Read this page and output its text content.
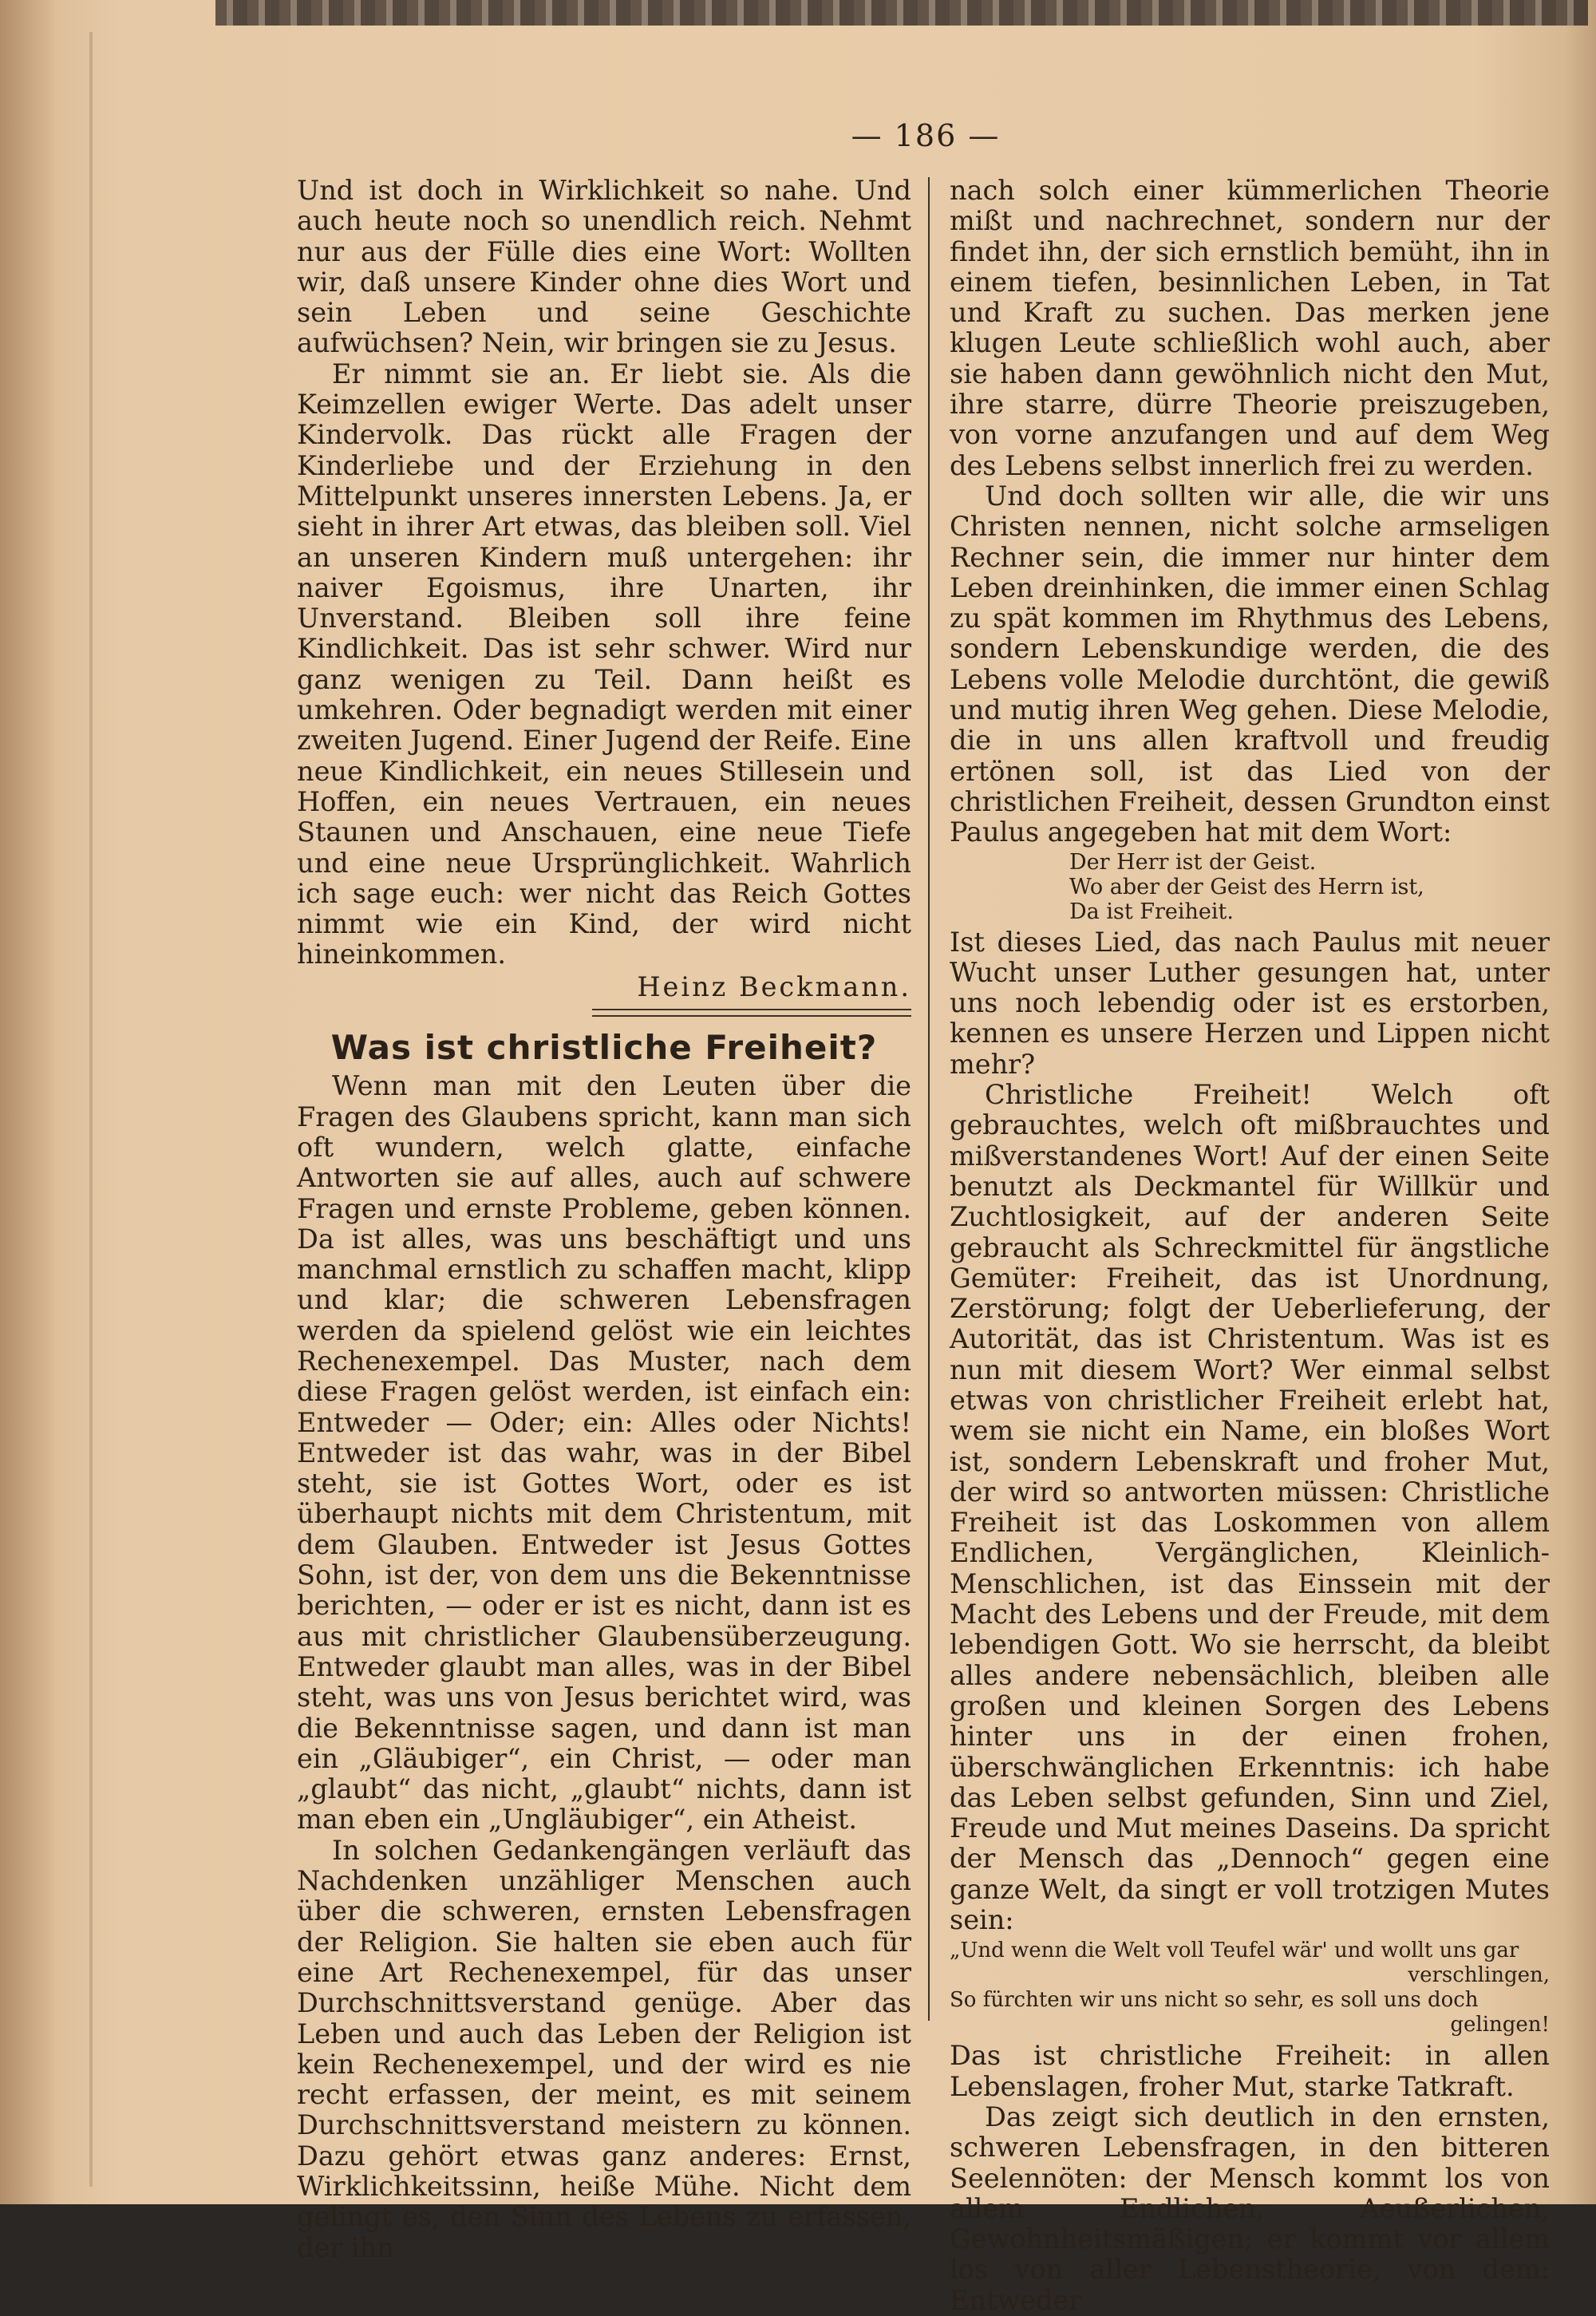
— 186 —

Und ist doch in Wirklichkeit so nahe. Und auch heute noch so unendlich reich. Nehmt nur aus der Fülle dies eine Wort: Wollten wir, daß unsere Kinder ohne dies Wort und sein Leben und seine Geschichte aufwüchsen? Nein, wir bringen sie zu Jesus.

Er nimmt sie an. Er liebt sie. Als die Keimzellen ewiger Werte. Das adelt unser Kindervolk. Das rückt alle Fragen der Kinderliebe und der Erziehung in den Mittelpunkt unseres innersten Lebens. Ja, er sieht in ihrer Art etwas, das bleiben soll. Viel an unseren Kindern muß untergehen: ihr naiver Egoismus, ihre Unarten, ihr Unverstand. Bleiben soll ihre feine Kindlichkeit. Das ist sehr schwer. Wird nur ganz wenigen zu Teil. Dann heißt es umkehren. Oder begnadigt werden mit einer zweiten Jugend. Einer Jugend der Reife. Eine neue Kindlichkeit, ein neues Stillesein und Hoffen, ein neues Vertrauen, ein neues Staunen und Anschauen, eine neue Tiefe und eine neue Ursprünglichkeit. Wahrlich ich sage euch: wer nicht das Reich Gottes nimmt wie ein Kind, der wird nicht hineinkommen.

Heinz Beckmann.
Was ist christliche Freiheit?

Wenn man mit den Leuten über die Fragen des Glaubens spricht, kann man sich oft wundern, welch glatte, einfache Antworten sie auf alles, auch auf schwere Fragen und ernste Probleme, geben können. Da ist alles, was uns beschäftigt und uns manchmal ernstlich zu schaffen macht, klipp und klar; die schweren Lebensfragen werden da spielend gelöst wie ein leichtes Rechenexempel. Das Muster, nach dem diese Fragen gelöst werden, ist einfach ein: Entweder — Oder; ein: Alles oder Nichts! Entweder ist das wahr, was in der Bibel steht, sie ist Gottes Wort, oder es ist überhaupt nichts mit dem Christentum, mit dem Glauben. Entweder ist Jesus Gottes Sohn, ist der, von dem uns die Bekenntnisse berichten, — oder er ist es nicht, dann ist es aus mit christlicher Glaubensüberzeugung. Entweder glaubt man alles, was in der Bibel steht, was uns von Jesus berichtet wird, was die Bekenntnisse sagen, und dann ist man ein „Gläubiger“, ein Christ, — oder man „glaubt“ das nicht, „glaubt“ nichts, dann ist man eben ein „Ungläubiger“, ein Atheist.

In solchen Gedankengängen verläuft das Nachdenken unzähliger Menschen auch über die schweren, ernsten Lebensfragen der Religion. Sie halten sie eben auch für eine Art Rechenexempel, für das unser Durchschnittsverstand genüge. Aber das Leben und auch das Leben der Religion ist kein Rechenexempel, und der wird es nie recht erfassen, der meint, es mit seinem Durchschnittsverstand meistern zu können. Dazu gehört etwas ganz anderes: Ernst, Wirklichkeitssinn, heiße Mühe. Nicht dem gelingt es, den Sinn des Lebens zu erfassen, der ihn

nach solch einer kümmerlichen Theorie mißt und nachrechnet, sondern nur der findet ihn, der sich ernstlich bemüht, ihn in einem tiefen, besinnlichen Leben, in Tat und Kraft zu suchen. Das merken jene klugen Leute schließlich wohl auch, aber sie haben dann gewöhnlich nicht den Mut, ihre starre, dürre Theorie preiszugeben, von vorne anzufangen und auf dem Weg des Lebens selbst innerlich frei zu werden.

Und doch sollten wir alle, die wir uns Christen nennen, nicht solche armseligen Rechner sein, die immer nur hinter dem Leben dreinhinken, die immer einen Schlag zu spät kommen im Rhythmus des Lebens, sondern Lebenskundige werden, die des Lebens volle Melodie durchtönt, die gewiß und mutig ihren Weg gehen. Diese Melodie, die in uns allen kraftvoll und freudig ertönen soll, ist das Lied von der christlichen Freiheit, dessen Grundton einst Paulus angegeben hat mit dem Wort:

Der Herr ist der Geist.
Wo aber der Geist des Herrn ist,
Da ist Freiheit.

Ist dieses Lied, das nach Paulus mit neuer Wucht unser Luther gesungen hat, unter uns noch lebendig oder ist es erstorben, kennen es unsere Herzen und Lippen nicht mehr?

Christliche Freiheit! Welch oft gebrauchtes, welch oft mißbrauchtes und mißverstandenes Wort! Auf der einen Seite benutzt als Deckmantel für Willkür und Zuchtlosigkeit, auf der anderen Seite gebraucht als Schreckmittel für ängstliche Gemüter: Freiheit, das ist Unordnung, Zerstörung; folgt der Ueberlieferung, der Autorität, das ist Christentum. Was ist es nun mit diesem Wort? Wer einmal selbst etwas von christlicher Freiheit erlebt hat, wem sie nicht ein Name, ein bloßes Wort ist, sondern Lebenskraft und froher Mut, der wird so antworten müssen: Christliche Freiheit ist das Loskommen von allem Endlichen, Vergänglichen, Kleinlich-Menschlichen, ist das Einssein mit der Macht des Lebens und der Freude, mit dem lebendigen Gott. Wo sie herrscht, da bleibt alles andere nebensächlich, bleiben alle großen und kleinen Sorgen des Lebens hinter uns in der einen frohen, überschwänglichen Erkenntnis: ich habe das Leben selbst gefunden, Sinn und Ziel, Freude und Mut meines Daseins. Da spricht der Mensch das „Dennoch“ gegen eine ganze Welt, da singt er voll trotzigen Mutes sein:

„Und wenn die Welt voll Teufel wär' und wollt uns gar
verschlingen,
So fürchten wir uns nicht so sehr, es soll uns doch
gelingen!

Das ist christliche Freiheit: in allen Lebenslagen, froher Mut, starke Tatkraft.

Das zeigt sich deutlich in den ernsten, schweren Lebensfragen, in den bitteren Seelennöten: der Mensch kommt los von allem Endlichen, Aeußerlichen, Gewohnheitsmäßigen; er kommt vor allem los von aller Lebenstheorie, von dem: Entweder
